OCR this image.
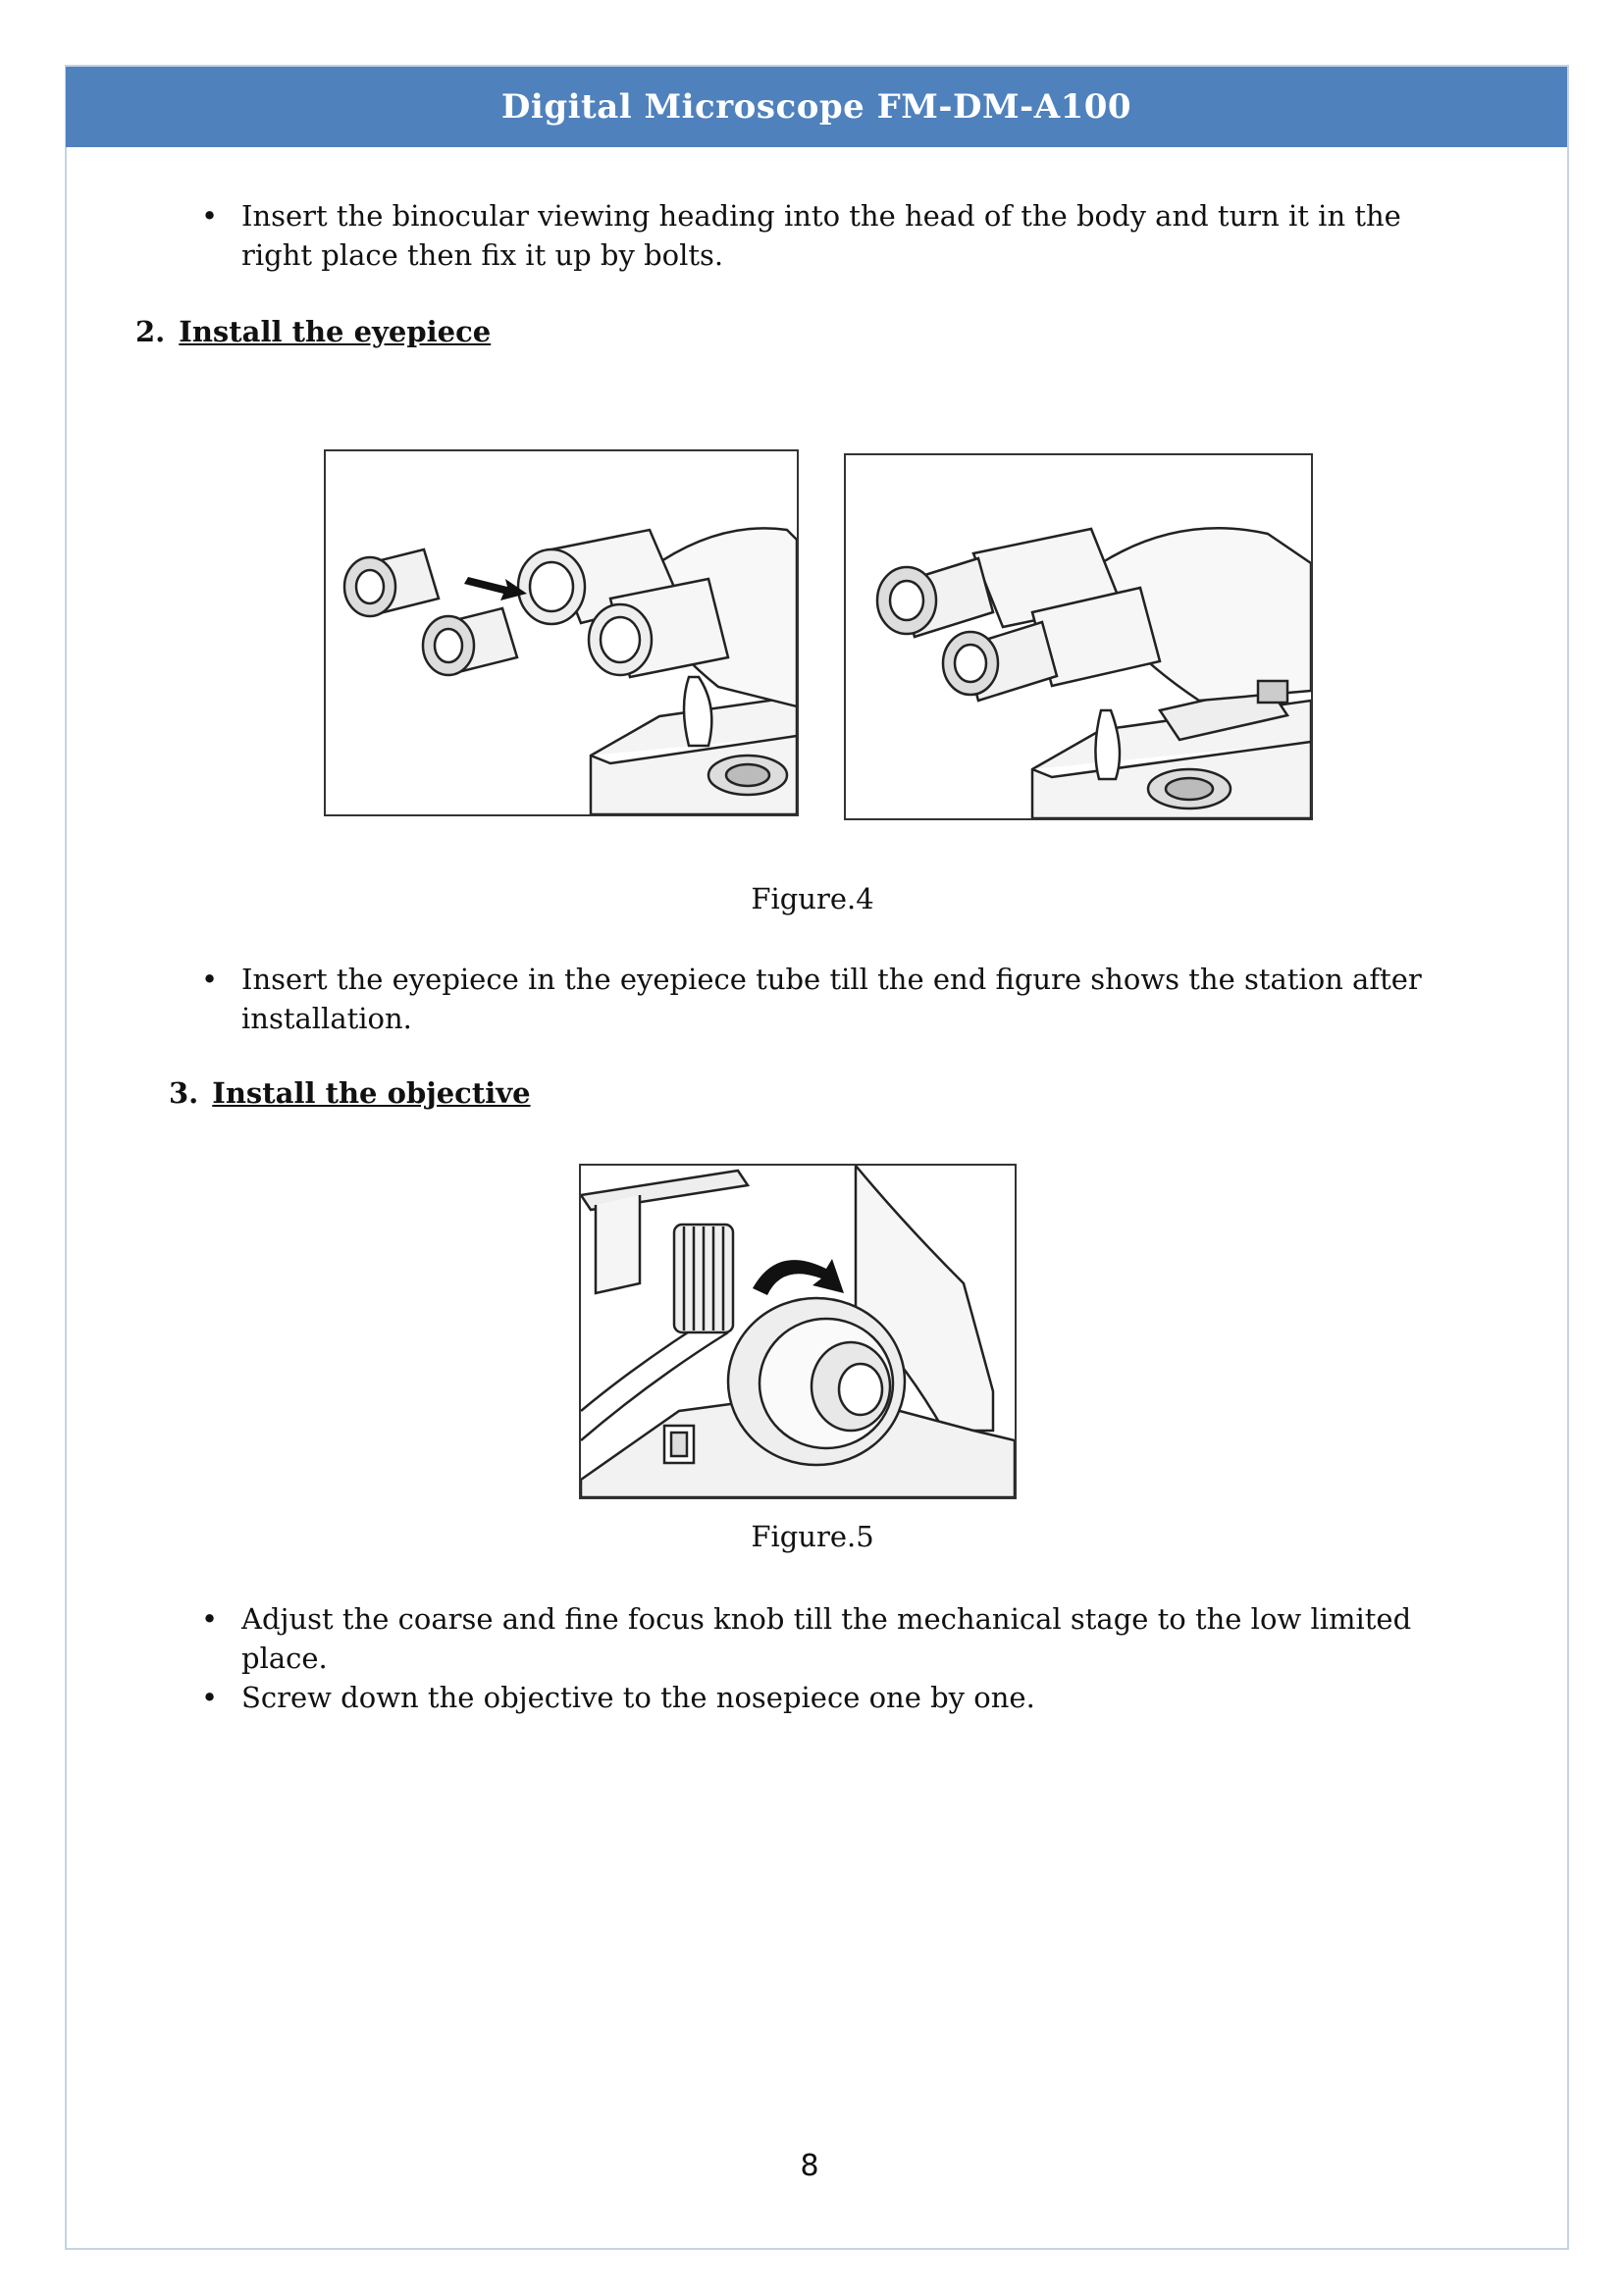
Digital Microscope FM-DM-A100
• Insert the binocular viewing heading into the head of the body and turn it in the
right place then fix it up by bolts.
2. Install the eyepiece
Figure.4
• Insert the eyepiece in the eyepiece tube till the end figure shows the station after
installation.
3. Install the objective
Figure.5
• Adjust the coarse and fine focus knob till the mechanical stage to the low limited
place.
• Screw down the objective to the nosepiece one by one.
8
